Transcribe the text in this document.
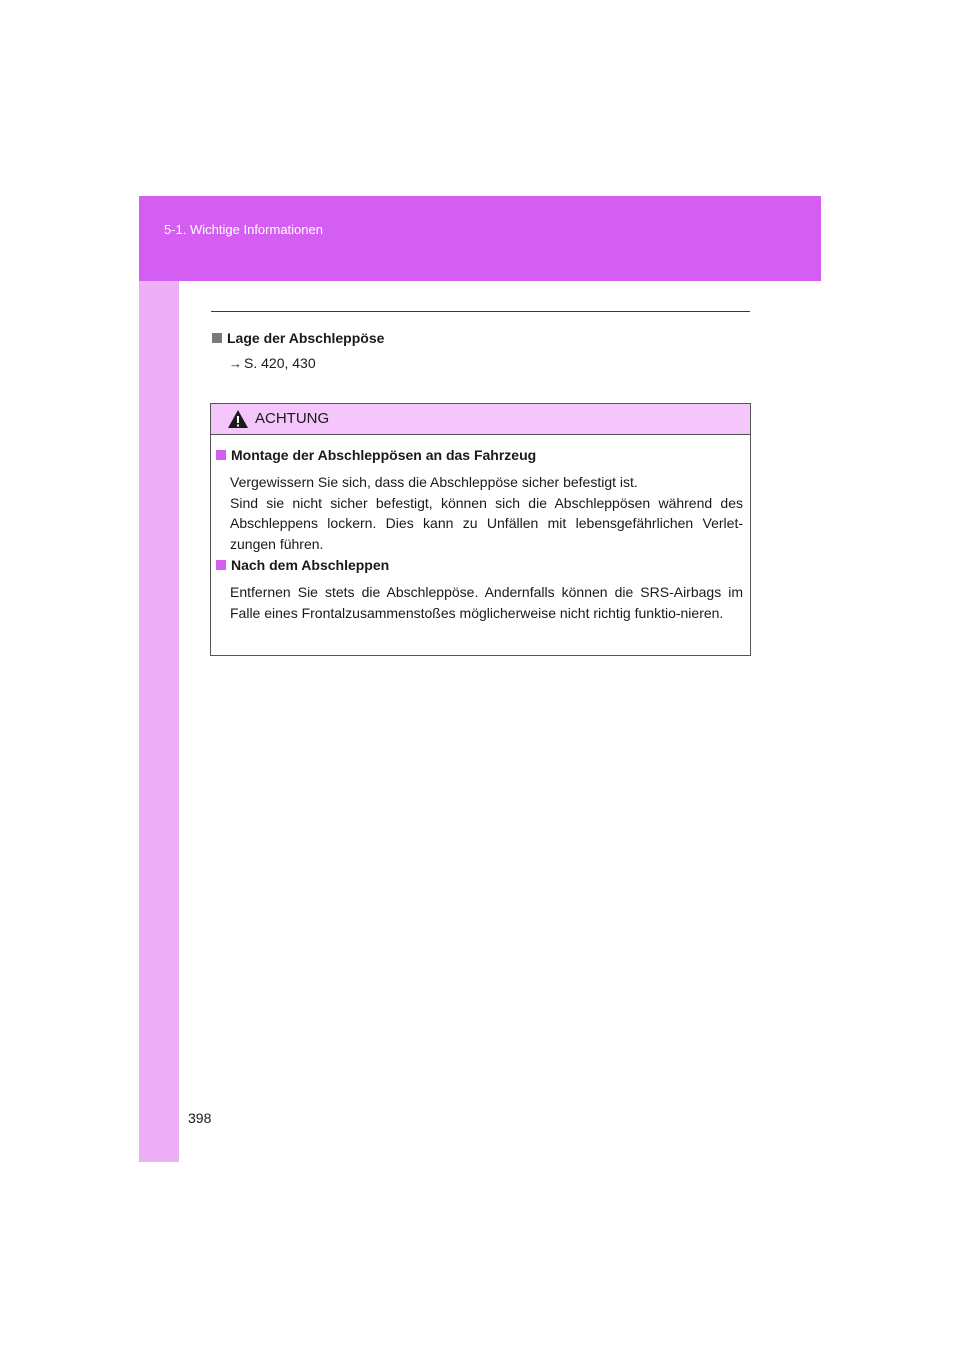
5-1. Wichtige Informationen
Lage der Abschleppöse
→ S. 420, 430
ACHTUNG
Montage der Abschleppösen an das Fahrzeug
Vergewissern Sie sich, dass die Abschleppöse sicher befestigt ist.
Sind sie nicht sicher befestigt, können sich die Abschleppösen während des Abschleppens lockern. Dies kann zu Unfällen mit lebensgefährlichen Verlet-zungen führen.
Nach dem Abschleppen
Entfernen Sie stets die Abschleppöse. Andernfalls können die SRS-Airbags im Falle eines Frontalzusammenstoßes möglicherweise nicht richtig funktio-nieren.
398
